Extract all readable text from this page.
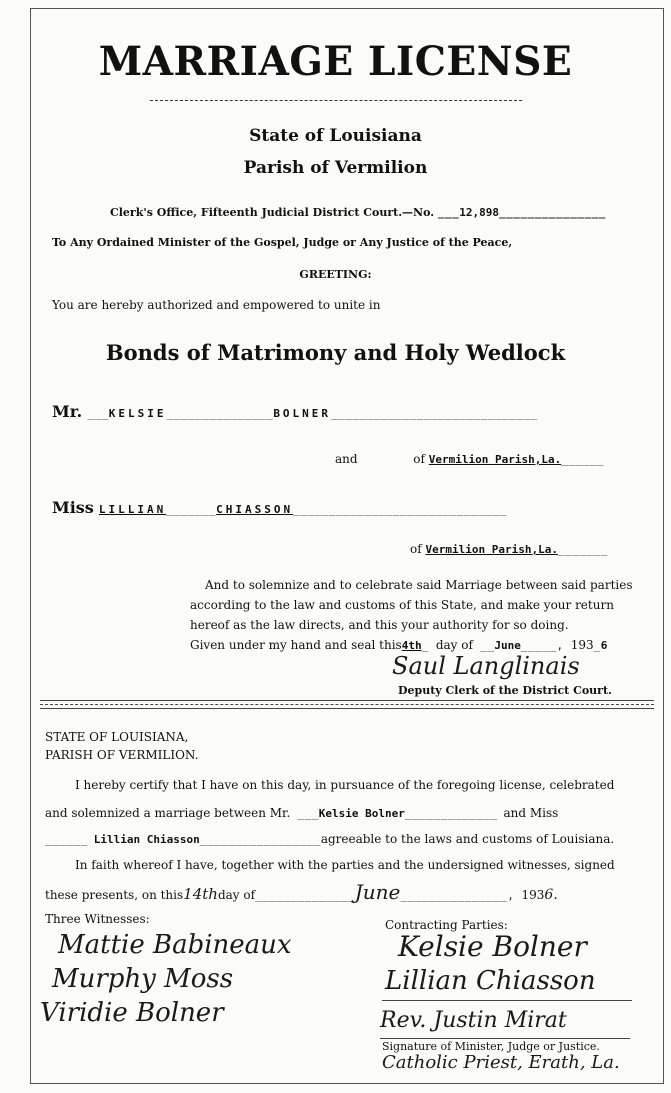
MARRIAGE LICENSE
State of Louisiana
Parish of Vermilion
Clerk's Office, Fifteenth Judicial District Court.—No. ___12,898_______________
To Any Ordained Minister of the Gospel, Judge or Any Justice of the Peace,
GREETING:
You are hereby authorized and empowered to unite in
Bonds of Matrimony and Holy Wedlock
Mr. ___KELSIE_______________BOLNER_____________________________
and	of Vermilion Parish,La.______
Miss LILLIAN_______CHIASSON______________________________
of Vermilion Parish,La._______
And to solemnize and to celebrate said Marriage between said parties
according to the law and customs of this State, and make your return
hereof as the law directs, and this your authority for so doing.
Given under my hand and seal this4th_ day of __June_____, 193_6
Saul Langlinais
Deputy Clerk of the District Court.
STATE OF LOUISIANA,
PARISH OF VERMILION.
I hereby certify that I have on this day, in pursuance of the foregoing license, celebrated
and solemnized a marriage between Mr. ___Kelsie Bolner_____________ and Miss
______ Lillian Chiasson_________________agreeable to the laws and customs of Louisiana.
In faith whereof I have, together with the parties and the undersigned witnesses, signed
these presents, on this14thday of______________June_______________, 1936.
Three Witnesses:	Contracting Parties:
Mattie Babineaux
Murphy Moss
Viridie Bolner
Kelsie Bolner
Lillian Chiasson
Rev. Justin Mirat
Signature of Minister, Judge or Justice.
Catholic Priest, Erath, La.
